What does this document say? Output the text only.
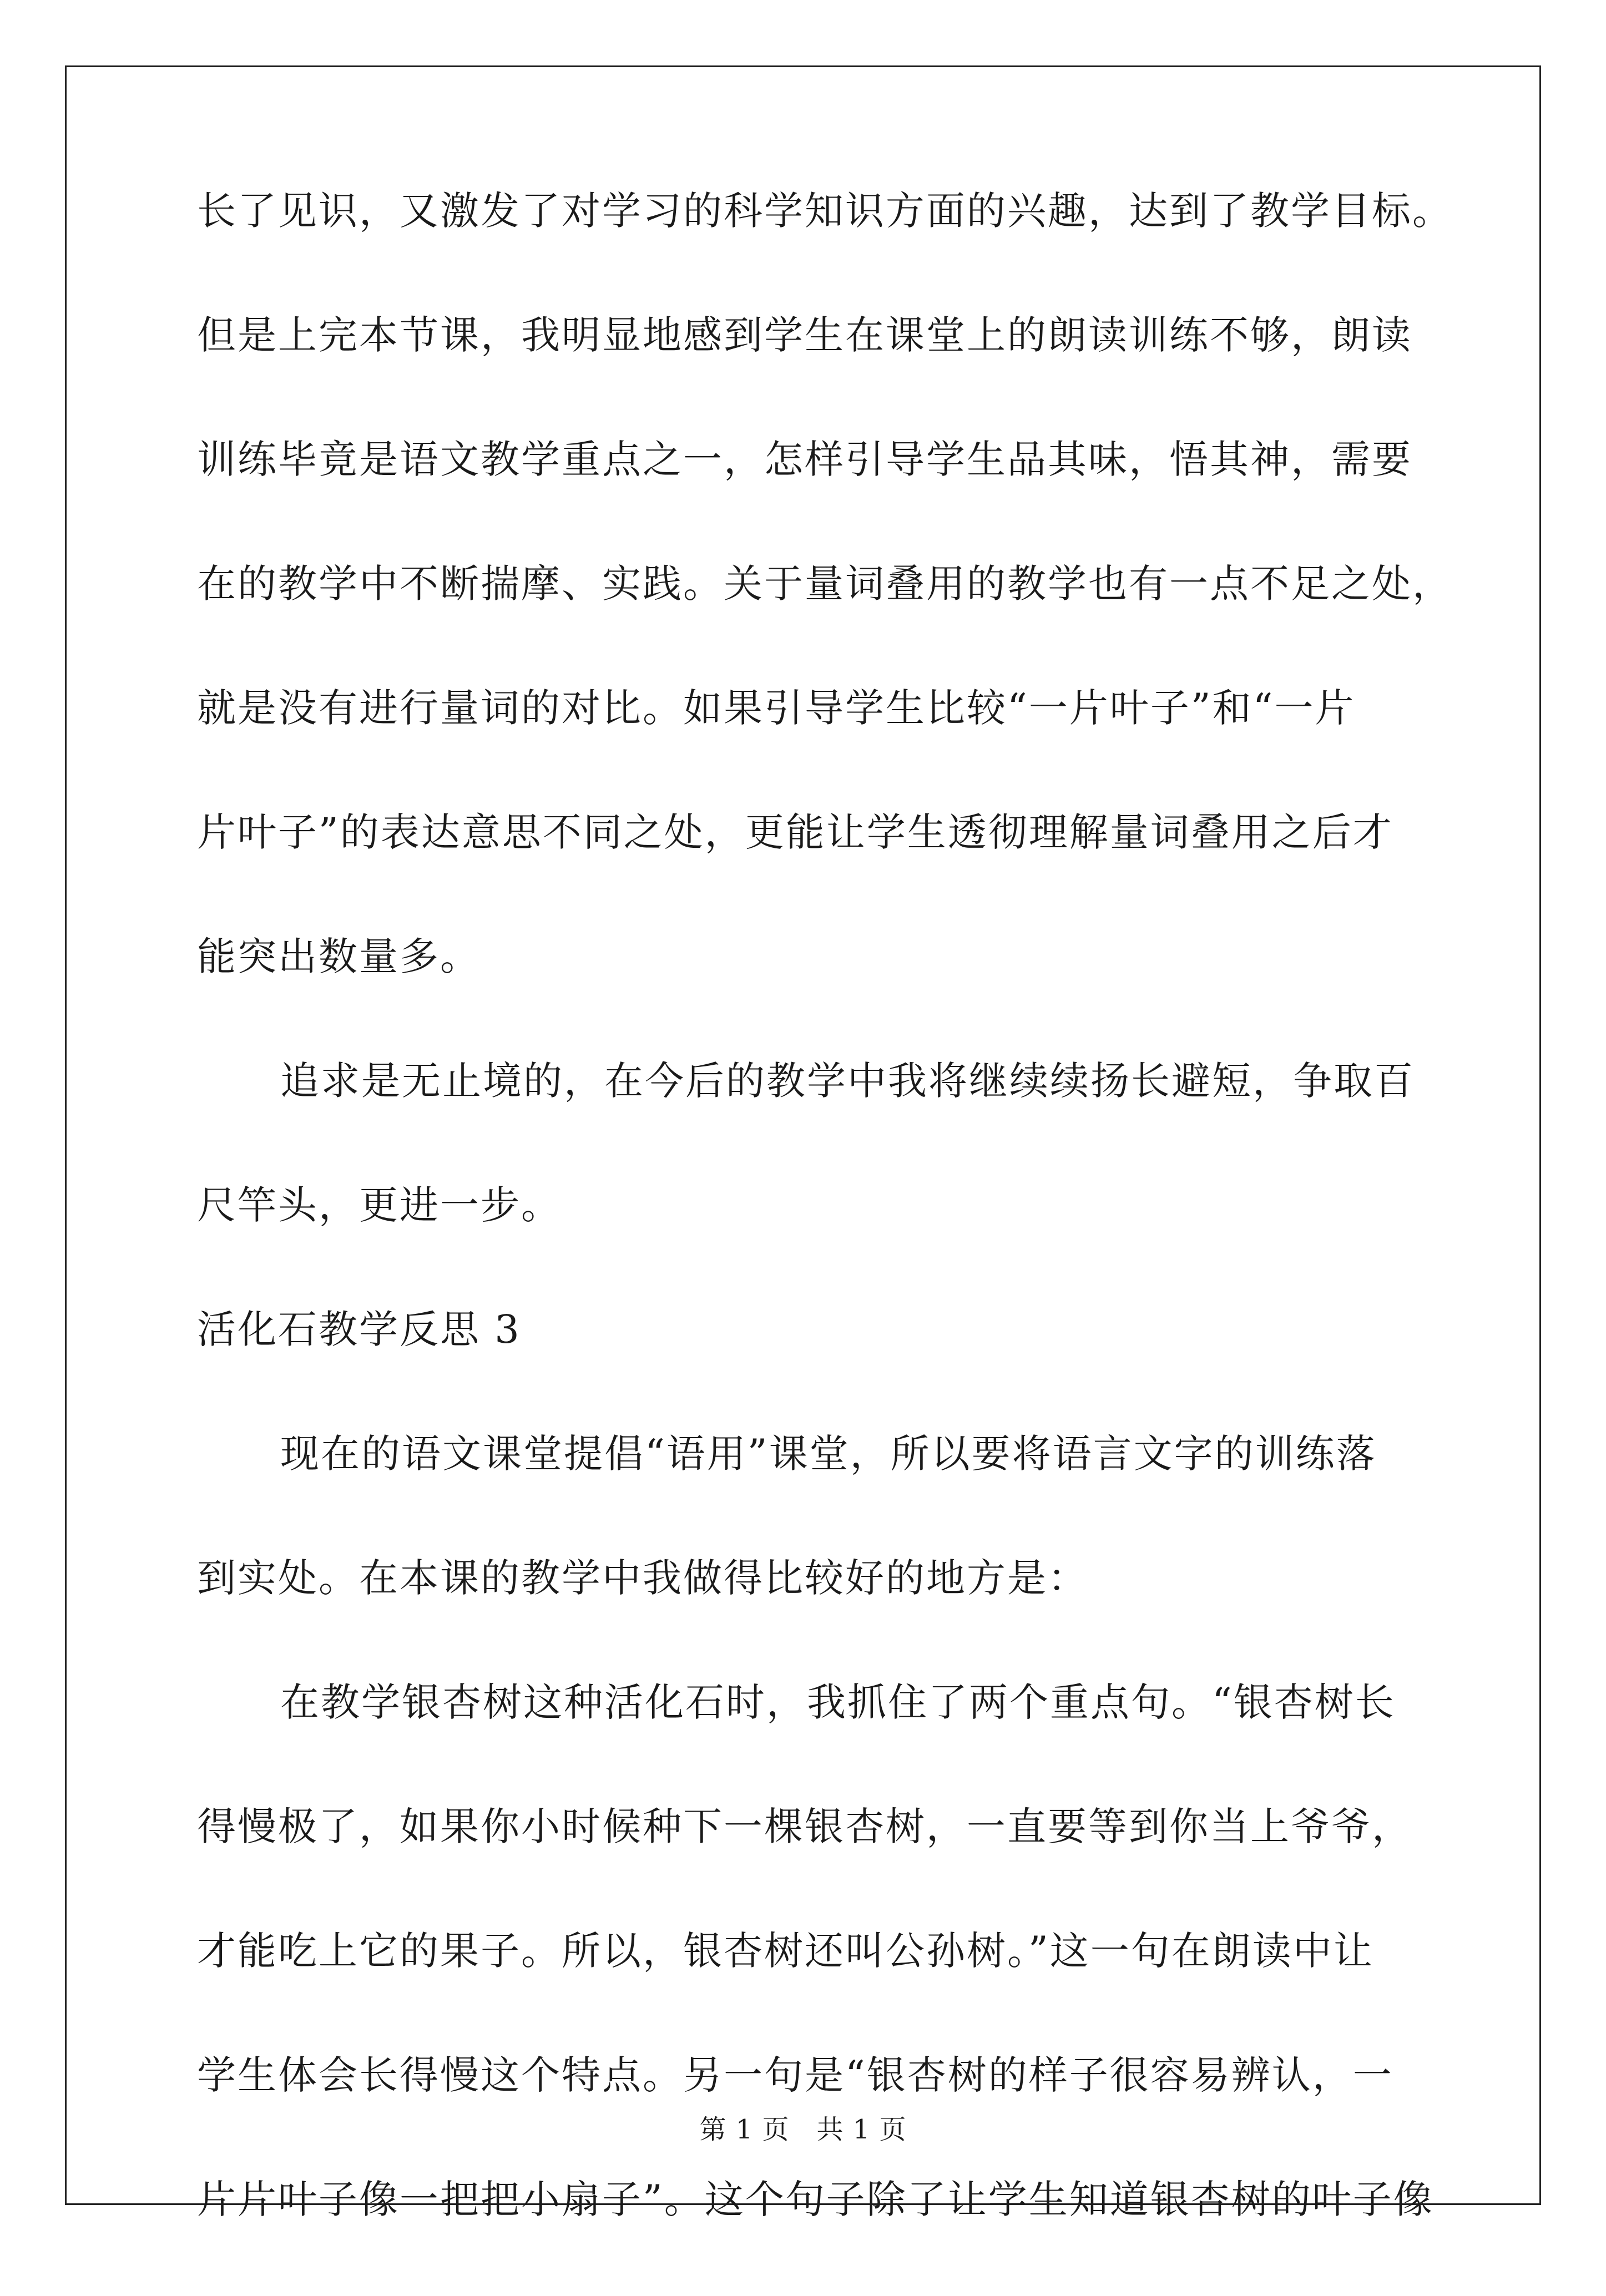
长了见识，又激发了对学习的科学知识方面的兴趣，达到了教学目标。
但是上完本节课，我明显地感到学生在课堂上的朗读训练不够，朗读
训练毕竟是语文教学重点之一，怎样引导学生品其味，悟其神，需要
在的教学中不断揣摩、实践。关于量词叠用的教学也有一点不足之处，
就是没有进行量词的对比。如果引导学生比较“一片叶子”和“一片
片叶子”的表达意思不同之处，更能让学生透彻理解量词叠用之后才
能突出数量多。
追求是无止境的，在今后的教学中我将继续续扬长避短，争取百
尺竿头，更进一步。
活化石教学反思 3
现在的语文课堂提倡“语用”课堂，所以要将语言文字的训练落
到实处。在本课的教学中我做得比较好的地方是：
在教学银杏树这种活化石时，我抓住了两个重点句。“银杏树长
得慢极了，如果你小时候种下一棵银杏树，一直要等到你当上爷爷，
才能吃上它的果子。所以，银杏树还叫公孙树。”这一句在朗读中让
学生体会长得慢这个特点。另一句是“银杏树的样子很容易辨认，一
片片叶子像一把把小扇子”。这个句子除了让学生知道银杏树的叶子像
第 1 页　共 1 页
